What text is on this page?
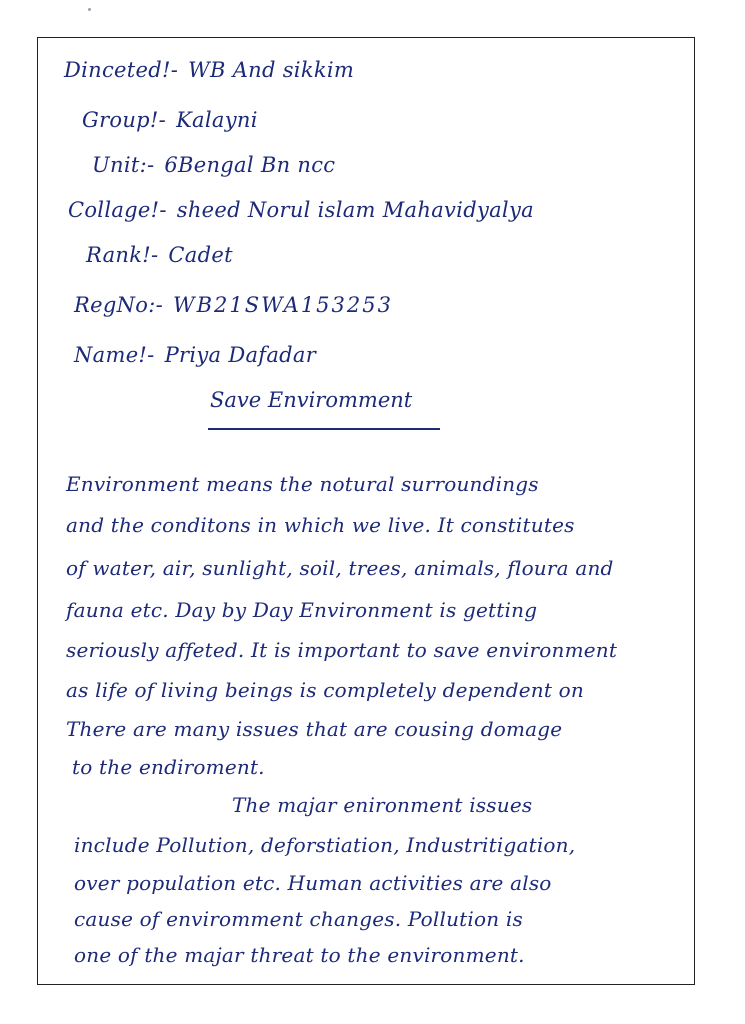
Dinceted!- WB And sikkim
Group!- Kalayni
Unit:- 6Bengal Bn ncc
Collage!- sheed Norul islam Mahavidyalya
Rank!- Cadet
RegNo:- WB21SWA153253
Name!- Priya Dafadar
Save Enviromment
Environment means the notural surroundings
and the conditons in which we live. It constitutes
of water, air, sunlight, soil, trees, animals, floura and
fauna etc. Day by Day Environment is getting
seriously affeted. It is important to save environment
as life of living beings is completely dependent on
There are many issues that are cousing domage
to the endiroment.
The majar enironment issues
include Pollution, deforstiation, Industritigation,
over population etc. Human activities are also
cause of enviromment changes. Pollution is
one of the majar threat to the environment.
